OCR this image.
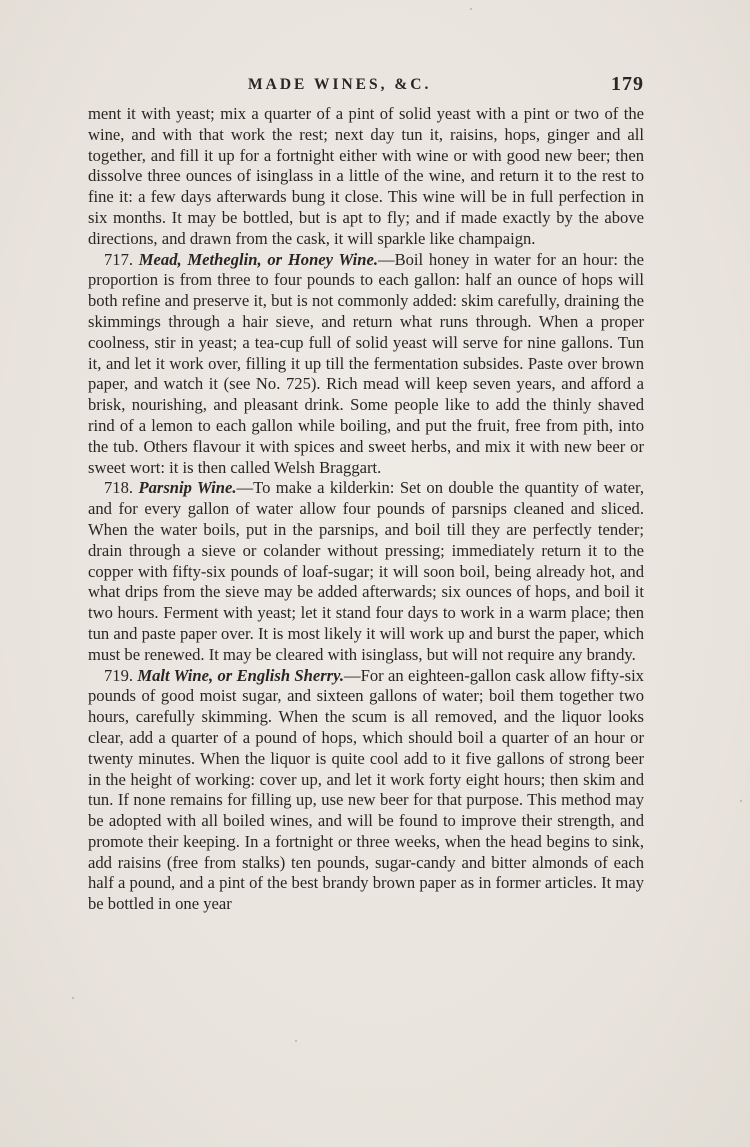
MADE WINES, &C.	179

ment it with yeast; mix a quarter of a pint of solid yeast with a pint or two of the wine, and with that work the rest; next day tun it, raisins, hops, ginger and all together, and fill it up for a fortnight either with wine or with good new beer; then dissolve three ounces of isinglass in a little of the wine, and return it to the rest to fine it: a few days afterwards bung it close. This wine will be in full perfection in six months. It may be bottled, but is apt to fly; and if made exactly by the above directions, and drawn from the cask, it will sparkle like champaign.

717. Mead, Metheglin, or Honey Wine.—Boil honey in water for an hour: the proportion is from three to four pounds to each gallon: half an ounce of hops will both refine and preserve it, but is not commonly added: skim carefully, draining the skimmings through a hair sieve, and return what runs through. When a proper coolness, stir in yeast; a tea-cup full of solid yeast will serve for nine gallons. Tun it, and let it work over, filling it up till the fermentation subsides. Paste over brown paper, and watch it (see No. 725). Rich mead will keep seven years, and afford a brisk, nourishing, and pleasant drink. Some people like to add the thinly shaved rind of a lemon to each gallon while boiling, and put the fruit, free from pith, into the tub. Others flavour it with spices and sweet herbs, and mix it with new beer or sweet wort: it is then called Welsh Braggart.

718. Parsnip Wine.—To make a kilderkin: Set on double the quantity of water, and for every gallon of water allow four pounds of parsnips cleaned and sliced. When the water boils, put in the parsnips, and boil till they are perfectly tender; drain through a sieve or colander without pressing; immediately return it to the copper with fifty-six pounds of loaf-sugar; it will soon boil, being already hot, and what drips from the sieve may be added afterwards; six ounces of hops, and boil it two hours. Ferment with yeast; let it stand four days to work in a warm place; then tun and paste paper over. It is most likely it will work up and burst the paper, which must be renewed. It may be cleared with isinglass, but will not require any brandy.

719. Malt Wine, or English Sherry.—For an eighteen-gallon cask allow fifty-six pounds of good moist sugar, and sixteen gallons of water; boil them together two hours, carefully skimming. When the scum is all removed, and the liquor looks clear, add a quarter of a pound of hops, which should boil a quarter of an hour or twenty minutes. When the liquor is quite cool add to it five gallons of strong beer in the height of working: cover up, and let it work forty eight hours; then skim and tun. If none remains for filling up, use new beer for that purpose. This method may be adopted with all boiled wines, and will be found to improve their strength, and promote their keeping. In a fortnight or three weeks, when the head begins to sink, add raisins (free from stalks) ten pounds, sugar-candy and bitter almonds of each half a pound, and a pint of the best brandy brown paper as in former articles. It may be bottled in one year
